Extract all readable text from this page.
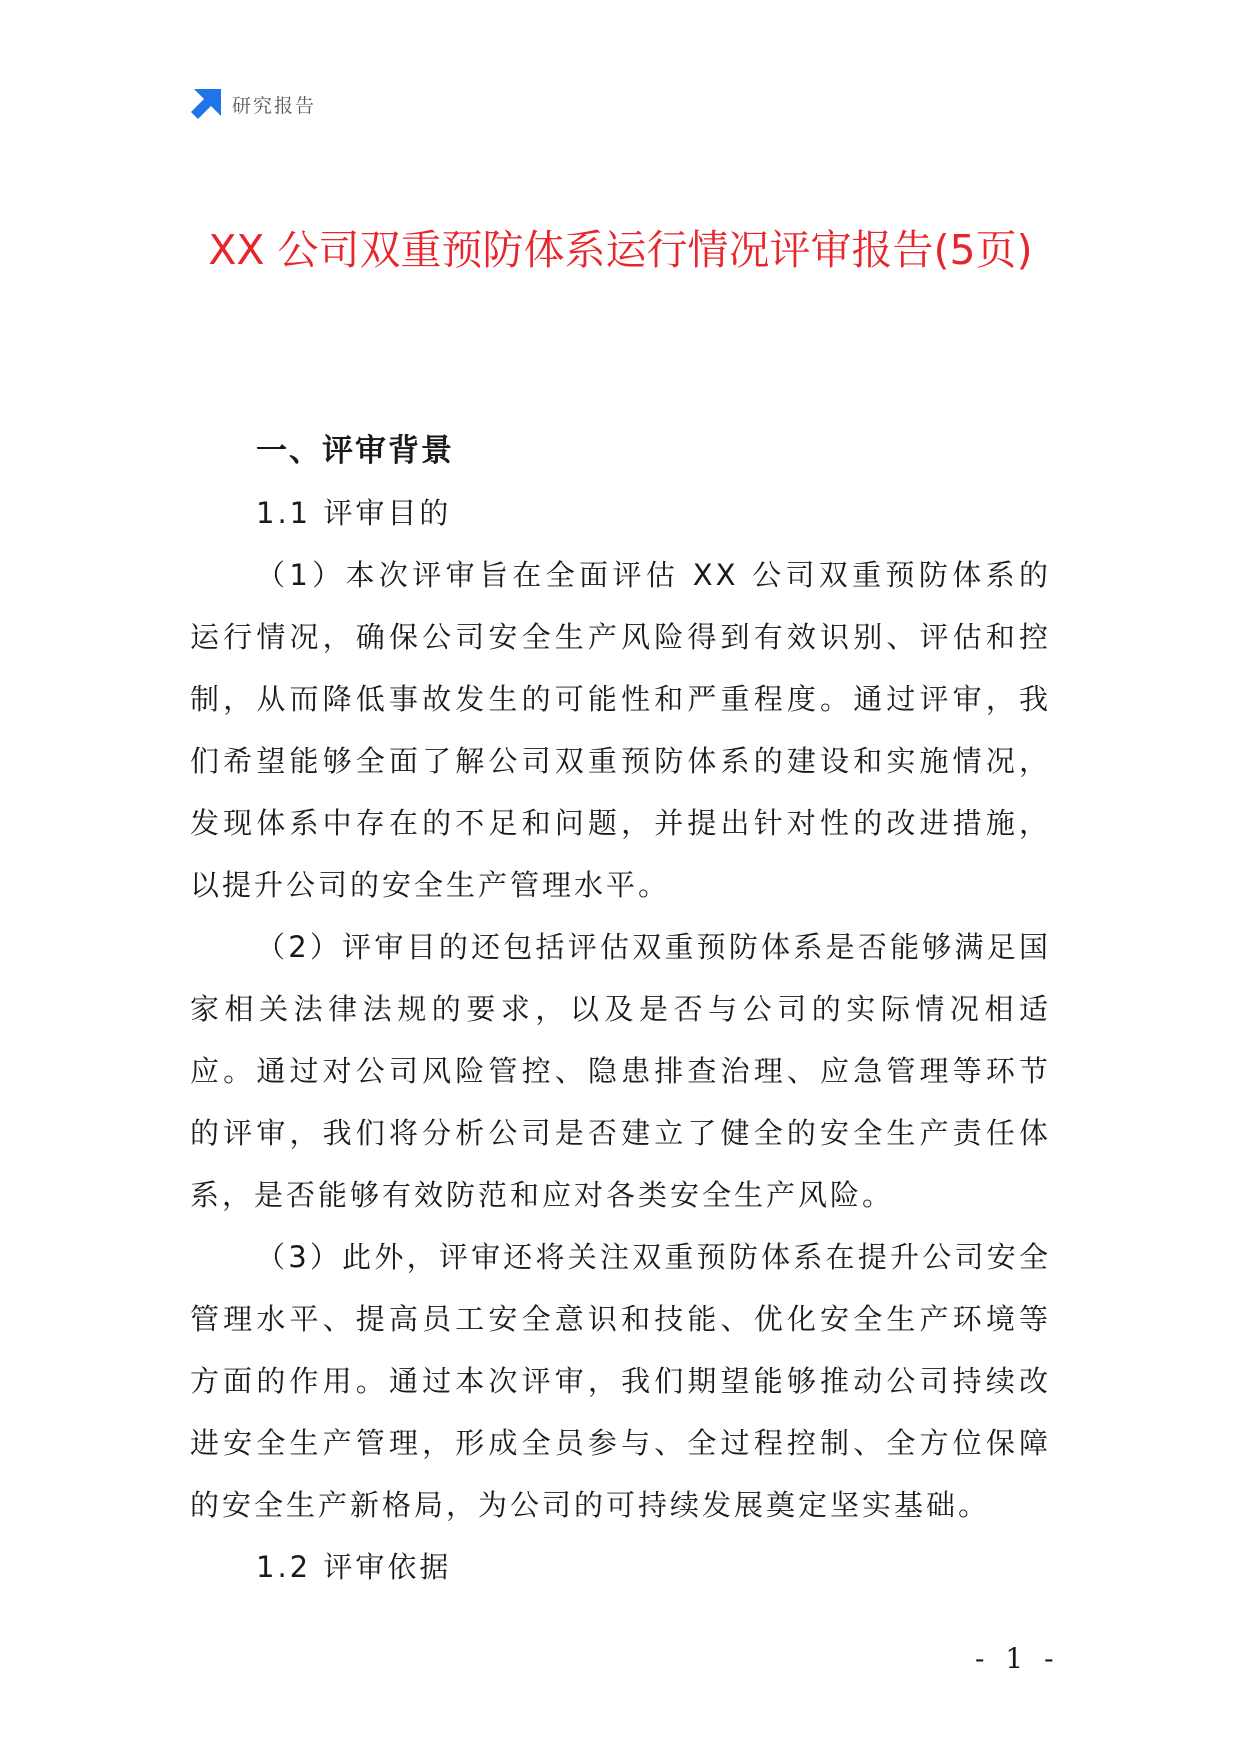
研究报告
XX 公司双重预防体系运行情况评审报告(5页)

一、评审背景

1.1 评审目的

（1）本次评审旨在全面评估 XX 公司双重预防体系的运行情况，确保公司安全生产风险得到有效识别、评估和控制，从而降低事故发生的可能性和严重程度。通过评审，我们希望能够全面了解公司双重预防体系的建设和实施情况，发现体系中存在的不足和问题，并提出针对性的改进措施，以提升公司的安全生产管理水平。

（2）评审目的还包括评估双重预防体系是否能够满足国家相关法律法规的要求，以及是否与公司的实际情况相适应。通过对公司风险管控、隐患排查治理、应急管理等环节的评审，我们将分析公司是否建立了健全的安全生产责任体系，是否能够有效防范和应对各类安全生产风险。

（3）此外，评审还将关注双重预防体系在提升公司安全管理水平、提高员工安全意识和技能、优化安全生产环境等方面的作用。通过本次评审，我们期望能够推动公司持续改进安全生产管理，形成全员参与、全过程控制、全方位保障的安全生产新格局，为公司的可持续发展奠定坚实基础。

1.2 评审依据

- 1 -
